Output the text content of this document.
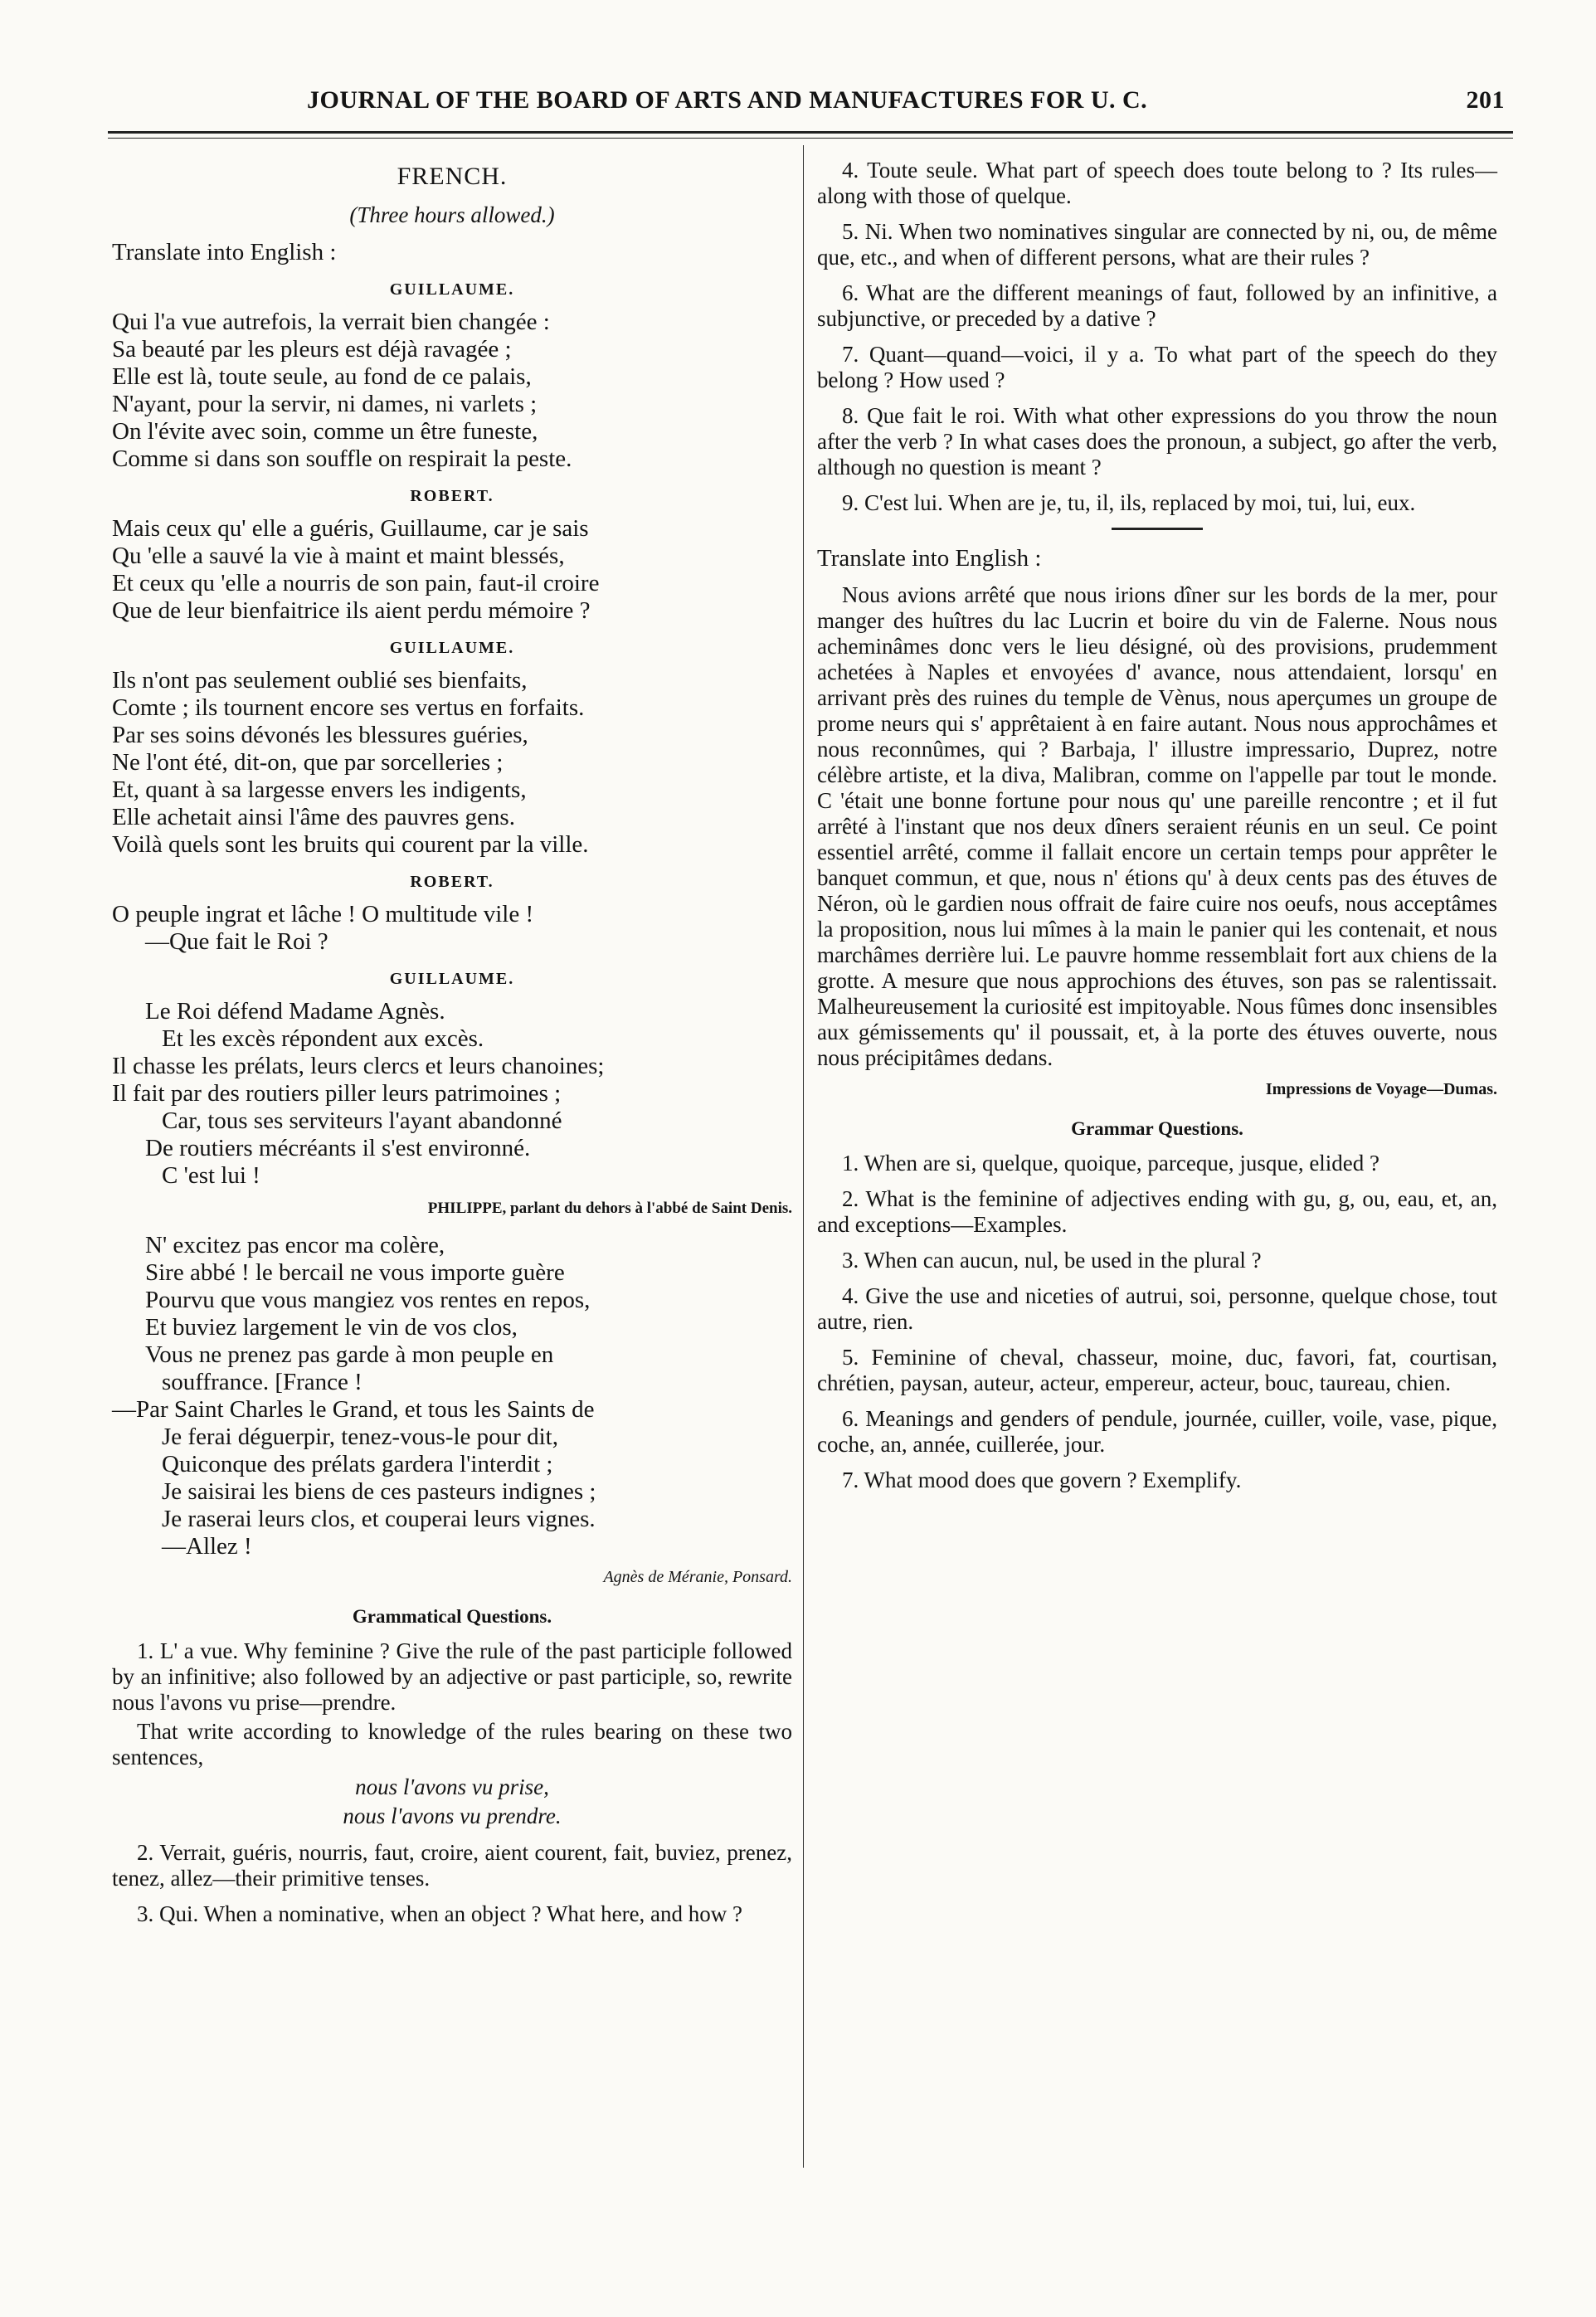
JOURNAL OF THE BOARD OF ARTS AND MANUFACTURES FOR U. C.	201
FRENCH.
(Three hours allowed.)
Translate into English :
GUILLAUME.
Qui l'a vue autrefois, la verrait bien changée :
Sa beauté par les pleurs est déjà ravagée ;
Elle est là, toute seule, au fond de ce palais,
N'ayant, pour la servir, ni dames, ni varlets ;
On l'évite avec soin, comme un être funeste,
Comme si dans son souffle on respirait la peste.
ROBERT.
Mais ceux qu' elle a guéris, Guillaume, car je sais
Qu 'elle a sauvé la vie à maint et maint blessés,
Et ceux qu 'elle a nourris de son pain, faut-il croire
Que de leur bienfaitrice ils aient perdu mémoire ?
GUILLAUME.
Ils n'ont pas seulement oublié ses bienfaits,
Comte ; ils tournent encore ses vertus en forfaits.
Par ses soins dévonés les blessures guéries,
Ne l'ont été, dit-on, que par sorcelleries ;
Et, quant à sa largesse envers les indigents,
Elle achetait ainsi l'âme des pauvres gens.
Voilà quels sont les bruits qui courent par la ville.
ROBERT.
O peuple ingrat et lâche ! O multitude vile !
—Que fait le Roi ?
GUILLAUME.
Le Roi défend Madame Agnès.
Et les excès répondent aux excès.
Il chasse les prélats, leurs clercs et leurs chanoines;
Il fait par des routiers piller leurs patrimoines ;
Car, tous ses serviteurs l'ayant abandonné
De routiers mécréants il s'est environné.
C 'est lui !
PHILIPPE, parlant du dehors à l'abbé de Saint Denis.
N' excitez pas encor ma colère,
Sire abbé ! le bercail ne vous importe guère
Pourvu que vous mangiez vos rentes en repos,
Et buviez largement le vin de vos clos,
Vous ne prenez pas garde à mon peuple en
souffrance. [France !
—Par Saint Charles le Grand, et tous les Saints de
Je ferai déguerpir, tenez-vous-le pour dit,
Quiconque des prélats gardera l'interdit ;
Je saisirai les biens de ces pasteurs indignes ;
Je raserai leurs clos, et couperai leurs vignes.
—Allez !
Agnès de Méranie, Ponsard.
Grammatical Questions.

1. L' a vue. Why feminine ? Give the rule of the past participle followed by an infinitive; also followed by an adjective or past participle, so, rewrite nous l'avons vu prise—prendre.

That write according to knowledge of the rules bearing on these two sentences,

nous l'avons vu prise,
nous l'avons vu prendre.

2. Verrait, guéris, nourris, faut, croire, aient courent, fait, buviez, prenez, tenez, allez—their primitive tenses.

3. Qui. When a nominative, when an object ? What here, and how ?

4. Toute seule. What part of speech does toute belong to ? Its rules—along with those of quelque.

5. Ni. When two nominatives singular are connected by ni, ou, de même que, etc., and when of different persons, what are their rules ?

6. What are the different meanings of faut, followed by an infinitive, a subjunctive, or preceded by a dative ?

7. Quant—quand—voici, il y a. To what part of the speech do they belong ? How used ?

8. Que fait le roi. With what other expressions do you throw the noun after the verb ? In what cases does the pronoun, a subject, go after the verb, although no question is meant ?

9. C'est lui. When are je, tu, il, ils, replaced by moi, tui, lui, eux.

Translate into English :

Nous avions arrêté que nous irions dîner sur les bords de la mer, pour manger des huîtres du lac Lucrin et boire du vin de Falerne. Nous nous acheminâmes donc vers le lieu désigné, où des provisions, prudemment achetées à Naples et envoyées d' avance, nous attendaient, lorsqu' en arrivant près des ruines du temple de Vènus, nous aperçumes un groupe de prome neurs qui s' apprêtaient à en faire autant. Nous nous approchâmes et nous reconnûmes, qui ? Barbaja, l' illustre impressario, Duprez, notre célèbre artiste, et la diva, Malibran, comme on l'appelle par tout le monde. C 'était une bonne fortune pour nous qu' une pareille rencontre ; et il fut arrêté à l'instant que nos deux dîners seraient réunis en un seul. Ce point essentiel arrêté, comme il fallait encore un certain temps pour apprêter le banquet commun, et que, nous n' étions qu' à deux cents pas des étuves de Néron, où le gardien nous offrait de faire cuire nos oeufs, nous acceptâmes la proposition, nous lui mîmes à la main le panier qui les contenait, et nous marchâmes derrière lui. Le pauvre homme ressemblait fort aux chiens de la grotte. A mesure que nous approchions des étuves, son pas se ralentissait. Malheureusement la curiosité est impitoyable. Nous fûmes donc insensibles aux gémissements qu' il poussait, et, à la porte des étuves ouverte, nous nous précipitâmes dedans.

Impressions de Voyage—Dumas.
Grammar Questions.

1. When are si, quelque, quoique, parceque, jusque, elided ?

2. What is the feminine of adjectives ending with gu, g, ou, eau, et, an, and exceptions—Examples.

3. When can aucun, nul, be used in the plural ?

4. Give the use and niceties of autrui, soi, personne, quelque chose, tout autre, rien.

5. Feminine of cheval, chasseur, moine, duc, favori, fat, courtisan, chrétien, paysan, auteur, acteur, empereur, acteur, bouc, taureau, chien.

6. Meanings and genders of pendule, journée, cuiller, voile, vase, pique, coche, an, année, cuillerée, jour.

7. What mood does que govern ? Exemplify.
